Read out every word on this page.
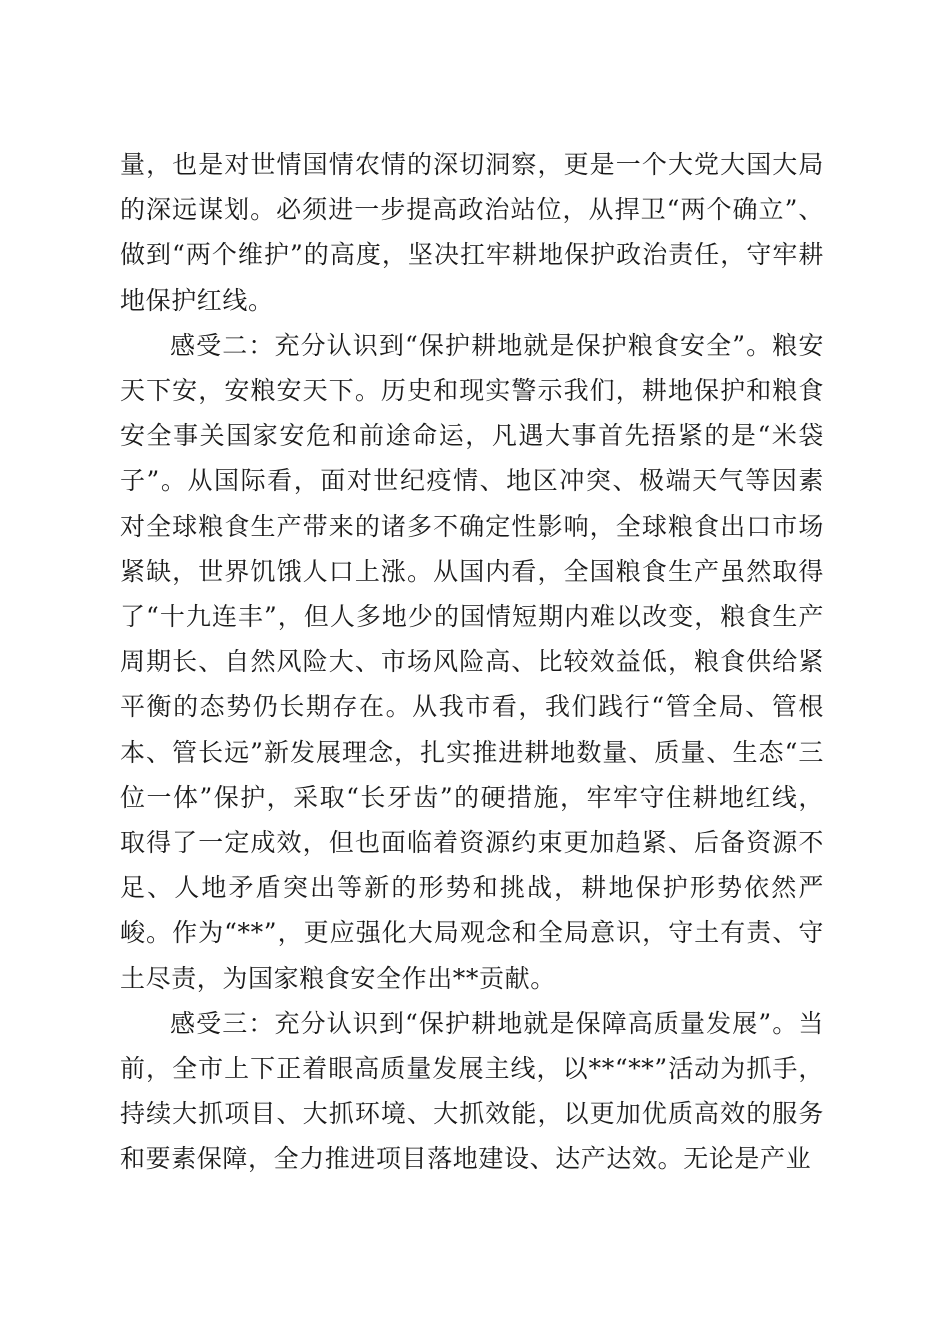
量，也是对世情国情农情的深切洞察，更是一个大党大国大局的深远谋划。必须进一步提高政治站位，从捍卫“两个确立”、做到“两个维护”的高度，坚决扛牢耕地保护政治责任，守牢耕地保护红线。

感受二：充分认识到“保护耕地就是保护粮食安全”。粮安天下安，安粮安天下。历史和现实警示我们，耕地保护和粮食安全事关国家安危和前途命运，凡遇大事首先捂紧的是“米袋子”。从国际看，面对世纪疫情、地区冲突、极端天气等因素对全球粮食生产带来的诸多不确定性影响，全球粮食出口市场紧缺，世界饥饿人口上涨。从国内看，全国粮食生产虽然取得了“十九连丰”，但人多地少的国情短期内难以改变，粮食生产周期长、自然风险大、市场风险高、比较效益低，粮食供给紧平衡的态势仍长期存在。从我市看，我们践行“管全局、管根本、管长远”新发展理念，扎实推进耕地数量、质量、生态“三位一体”保护，采取“长牙齿”的硬措施，牢牢守住耕地红线，取得了一定成效，但也面临着资源约束更加趋紧、后备资源不足、人地矛盾突出等新的形势和挑战，耕地保护形势依然严峻。作为“**”，更应强化大局观念和全局意识，守土有责、守土尽责，为国家粮食安全作出**贡献。

感受三：充分认识到“保护耕地就是保障高质量发展”。当前，全市上下正着眼高质量发展主线，以**“**”活动为抓手，持续大抓项目、大抓环境、大抓效能，以更加优质高效的服务和要素保障，全力推进项目落地建设、达产达效。无论是产业
